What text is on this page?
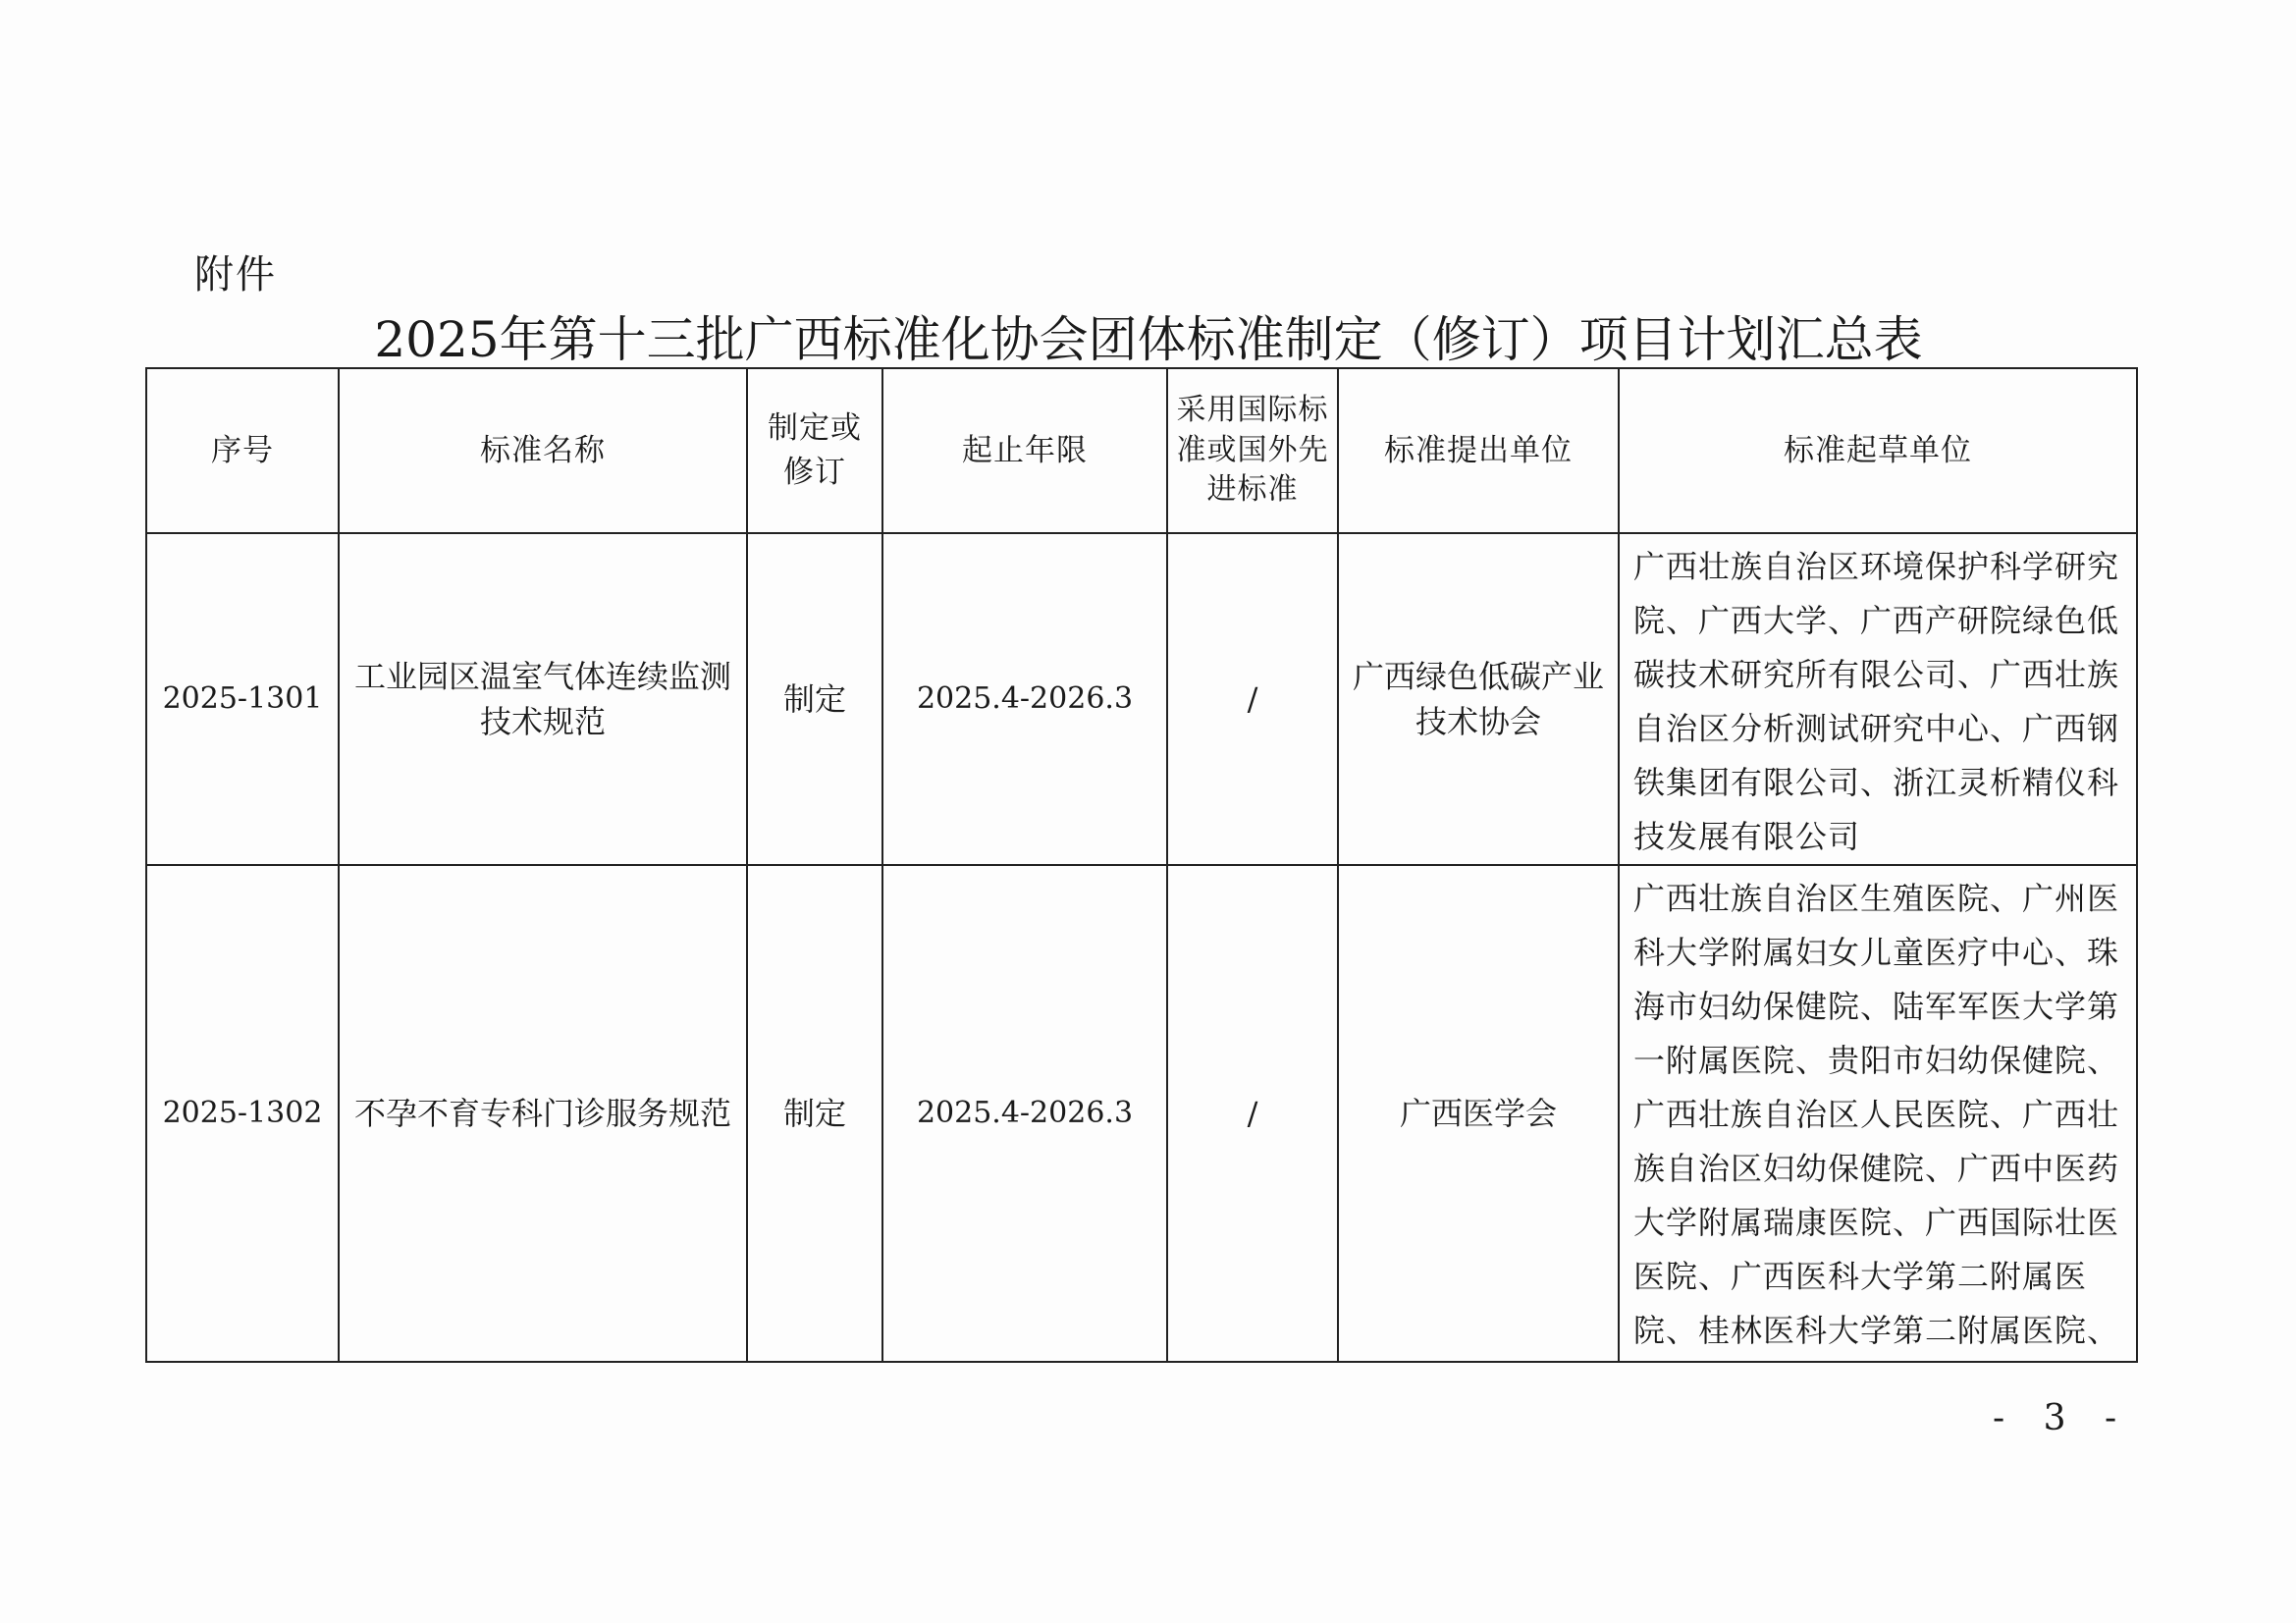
附件
2025年第十三批广西标准化协会团体标准制定（修订）项目计划汇总表
序号	标准名称	制定或修订	起止年限	采用国际标准或国外先进标准	标准提出单位	标准起草单位
2025-1301	工业园区温室气体连续监测技术规范	制定	2025.4-2026.3	/	广西绿色低碳产业技术协会	广西壮族自治区环境保护科学研究院、广西大学、广西产研院绿色低碳技术研究所有限公司、广西壮族自治区分析测试研究中心、广西钢铁集团有限公司、浙江灵析精仪科技发展有限公司
2025-1302	不孕不育专科门诊服务规范	制定	2025.4-2026.3	/	广西医学会	广西壮族自治区生殖医院、广州医科大学附属妇女儿童医疗中心、珠海市妇幼保健院、陆军军医大学第一附属医院、贵阳市妇幼保健院、广西壮族自治区人民医院、广西壮族自治区妇幼保健院、广西中医药大学附属瑞康医院、广西国际壮医医院、广西医科大学第二附属医院、桂林医科大学第二附属医院、
- 3 -
